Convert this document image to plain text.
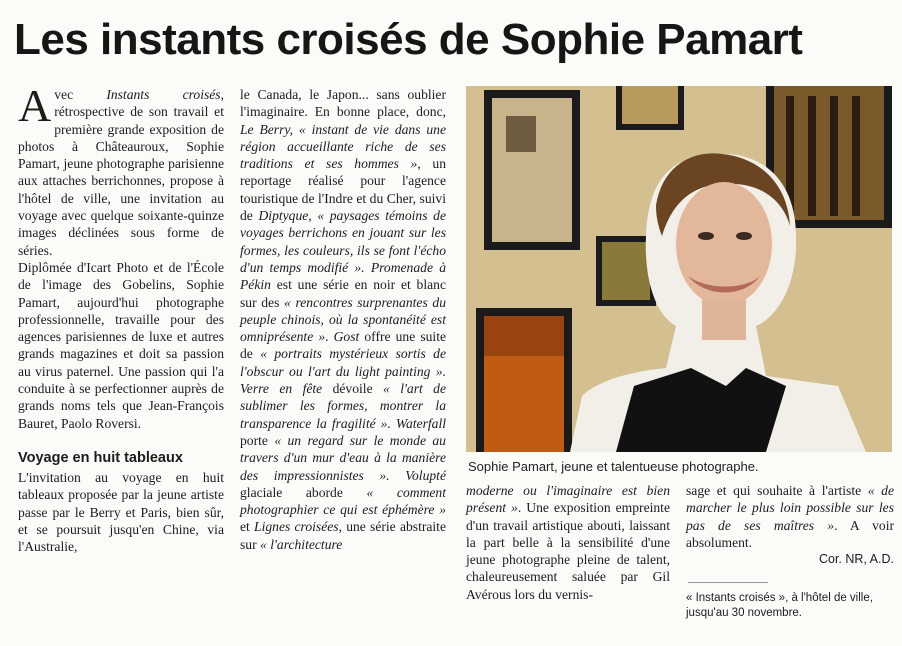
Les instants croisés de Sophie Pamart

Avec Instants croisés, rétrospective de son travail et première grande exposition de photos à Châteauroux, Sophie Pamart, jeune photographe parisienne aux attaches berrichonnes, propose à l'hôtel de ville, une invitation au voyage avec quelque soixante-quinze images déclinées sous forme de séries.

Diplômée d'Icart Photo et de l'École de l'image des Gobelins, Sophie Pamart, aujourd'hui photographe professionnelle, travaille pour des agences parisiennes de luxe et autres grands magazines et doit sa passion au virus paternel. Une passion qui l'a conduite à se perfectionner auprès de grands noms tels que Jean-François Bauret, Paolo Roversi.

Voyage en huit tableaux

L'invitation au voyage en huit tableaux proposée par la jeune artiste passe par le Berry et Paris, bien sûr, et se poursuit jusqu'en Chine, via l'Australie,

le Canada, le Japon... sans oublier l'imaginaire. En bonne place, donc, Le Berry, « instant de vie dans une région accueillante riche de ses traditions et ses hommes », un reportage réalisé pour l'agence touristique de l'Indre et du Cher, suivi de Diptyque, « paysages témoins de voyages berrichons en jouant sur les formes, les couleurs, ils se font l'écho d'un temps modifié ». Promenade à Pékin est une série en noir et blanc sur des « rencontres surprenantes du peuple chinois, où la spontanéité est omniprésente ». Gost offre une suite de « portraits mystérieux sortis de l'obscur ou l'art du light painting ». Verre en fête dévoile « l'art de sublimer les formes, montrer la transparence la fragilité ». Waterfall porte « un regard sur le monde au travers d'un mur d'eau à la manière des impressionnistes ». Volupté glaciale aborde « comment photographier ce qui est éphémère » et Lignes croisées, une série abstraite sur « l'architecture

Sophie Pamart, jeune et talentueuse photographe.

moderne ou l'imaginaire est bien présent ». Une exposition empreinte d'un travail artistique abouti, laissant la part belle à la sensibilité d'une jeune photographe pleine de talent, chaleureusement saluée par Gil Avérous lors du vernis-

sage et qui souhaite à l'artiste « de marcher le plus loin possible sur les pas de ses maîtres ». A voir absolument.

Cor. NR, A.D.

« Instants croisés », à l'hôtel de ville, jusqu'au 30 novembre.
